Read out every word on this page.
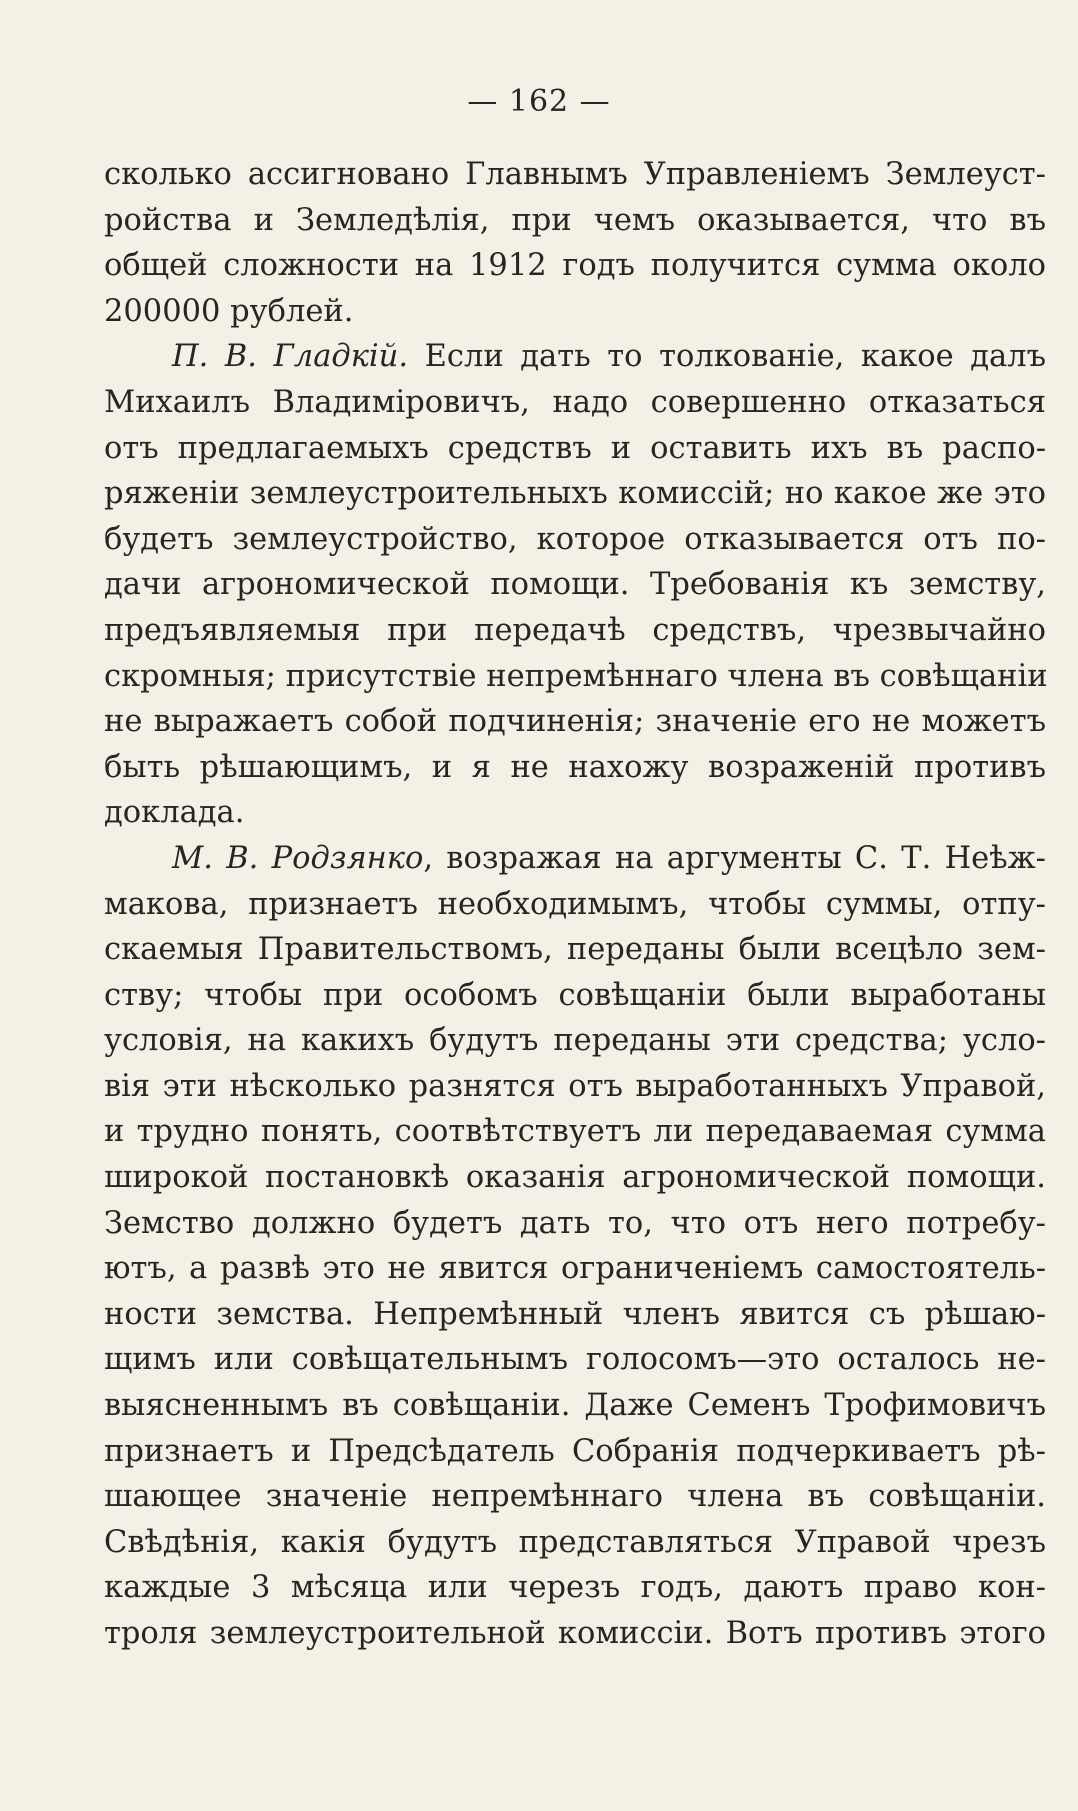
— 162 —
сколько ассигновано Главнымъ Управленіемъ Землеуст-
ройства и Земледѣлія, при чемъ оказывается, что въ
общей сложности на 1912 годъ получится сумма около
200000 рублей.
П. В. Гладкій. Если дать то толкованіе, какое далъ
Михаилъ Владиміровичъ, надо совершенно отказаться
отъ предлагаемыхъ средствъ и оставить ихъ въ распо-
ряженіи землеустроительныхъ комиссій; но какое же это
будетъ землеустройство, которое отказывается отъ по-
дачи агрономической помощи. Требованія къ земству,
предъявляемыя при передачѣ средствъ, чрезвычайно
скромныя; присутствіе непремѣннаго члена въ совѣщаніи
не выражаетъ собой подчиненія; значеніе его не можетъ
быть рѣшающимъ, и я не нахожу возраженій противъ
доклада.
М. В. Родзянко, возражая на аргументы С. Т. Неѣж-
макова, признаетъ необходимымъ, чтобы суммы, отпу-
скаемыя Правительствомъ, переданы были всецѣло зем-
ству; чтобы при особомъ совѣщаніи были выработаны
условія, на какихъ будутъ переданы эти средства; усло-
вія эти нѣсколько разнятся отъ выработанныхъ Управой,
и трудно понять, соотвѣтствуетъ ли передаваемая сумма
широкой постановкѣ оказанія агрономической помощи.
Земство должно будетъ дать то, что отъ него потребу-
ютъ, а развѣ это не явится ограниченіемъ самостоятель-
ности земства. Непремѣнный членъ явится съ рѣшаю-
щимъ или совѣщательнымъ голосомъ—это осталось не-
выясненнымъ въ совѣщаніи. Даже Семенъ Трофимовичъ
признаетъ и Предсѣдатель Собранія подчеркиваетъ рѣ-
шающее значеніе непремѣннаго члена въ совѣщаніи.
Свѣдѣнія, какія будутъ представляться Управой чрезъ
каждые 3 мѣсяца или черезъ годъ, даютъ право кон-
троля землеустроительной комиссіи. Вотъ противъ этого
